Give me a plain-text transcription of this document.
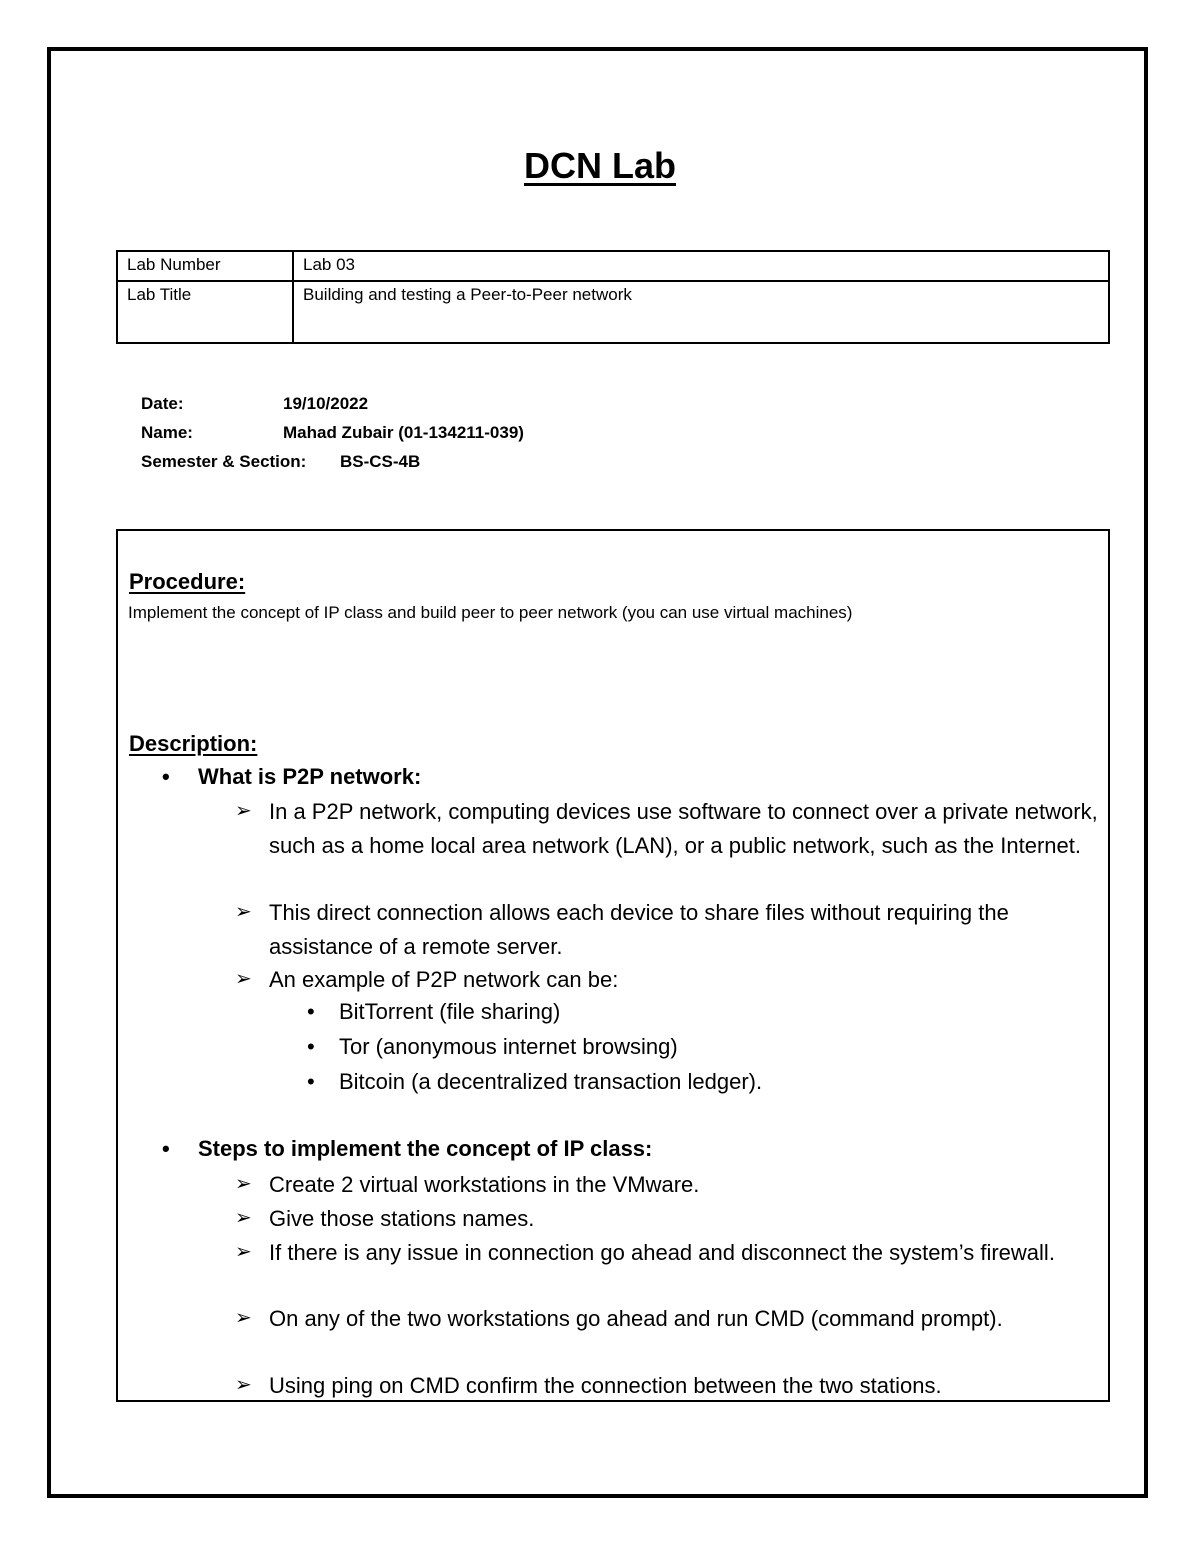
DCN Lab
Lab Number	Lab 03
Lab Title	Building and testing a Peer-to-Peer network
Date:	19/10/2022
Name:	Mahad Zubair (01-134211-039)
Semester & Section: BS-CS-4B
Procedure:
Implement the concept of IP class and build peer to peer network (you can use virtual machines)
Description:
• What is P2P network:
➢ In a P2P network, computing devices use software to connect over a private network, such as a home local area network (LAN), or a public network, such as the Internet.
➢ This direct connection allows each device to share files without requiring the assistance of a remote server.
➢ An example of P2P network can be:
• BitTorrent (file sharing)
• Tor (anonymous internet browsing)
• Bitcoin (a decentralized transaction ledger).
• Steps to implement the concept of IP class:
➢ Create 2 virtual workstations in the VMware.
➢ Give those stations names.
➢ If there is any issue in connection go ahead and disconnect the system’s firewall.
➢ On any of the two workstations go ahead and run CMD (command prompt).
➢ Using ping on CMD confirm the connection between the two stations.
